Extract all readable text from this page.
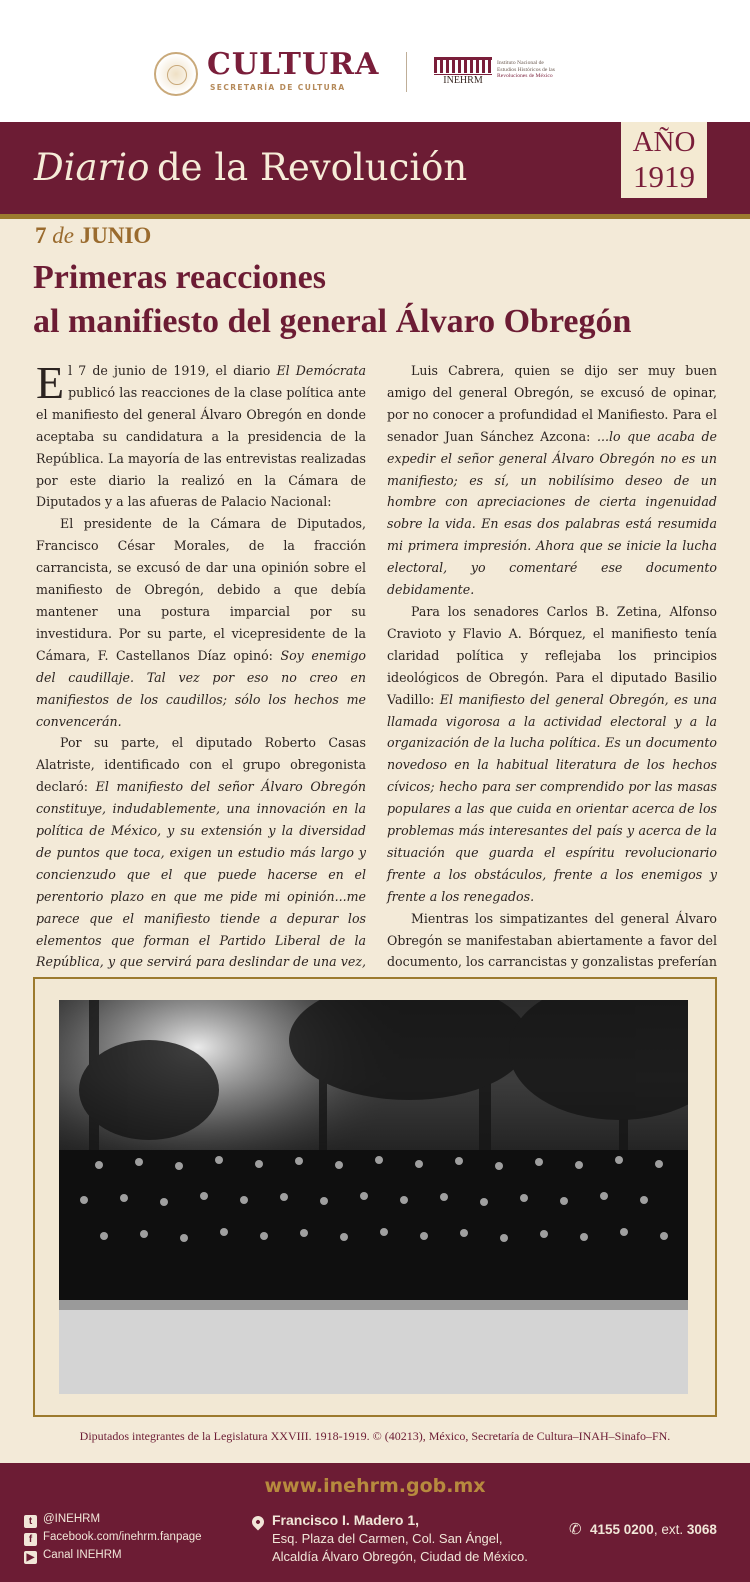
CULTURA
SECRETARÍA DE CULTURA
INEHRM
Instituto Nacional de
Estudios Históricos de las
Revoluciones de México
Diario de la Revolución
AÑO
1919
7 de JUNIO
Primeras reacciones
al manifiesto del general Álvaro Obregón

El 7 de junio de 1919, el diario El Demócrata publicó las reacciones de la clase política ante el manifiesto del general Álvaro Obregón en donde aceptaba su candidatura a la presidencia de la República. La mayoría de las entrevistas realizadas por este diario la realizó en la Cámara de Diputados y a las afueras de Palacio Nacional:

El presidente de la Cámara de Diputados, Francisco César Morales, de la fracción carrancista, se excusó de dar una opinión sobre el manifiesto de Obregón, debido a que debía mantener una postura imparcial por su investidura. Por su parte, el vicepresidente de la Cámara, F. Castellanos Díaz opinó: Soy enemigo del caudillaje. Tal vez por eso no creo en manifiestos de los caudillos; sólo los hechos me convencerán.

Por su parte, el diputado Roberto Casas Alatriste, identificado con el grupo obregonista declaró: El manifiesto del señor Álvaro Obregón constituye, indudablemente, una innovación en la política de México, y su extensión y la diversidad de puntos que toca, exigen un estudio más largo y concienzudo que el que puede hacerse en el perentorio plazo en que me pide mi opinión...me parece que el manifiesto tiende a depurar los elementos que forman el Partido Liberal de la República, y que servirá para deslindar de una vez,

Luis Cabrera, quien se dijo ser muy buen amigo del general Obregón, se excusó de opinar, por no conocer a profundidad el Manifiesto. Para el senador Juan Sánchez Azcona: ...lo que acaba de expedir el señor general Álvaro Obregón no es un manifiesto; es sí, un nobilísimo deseo de un hombre con apreciaciones de cierta ingenuidad sobre la vida. En esas dos palabras está resumida mi primera impresión. Ahora que se inicie la lucha electoral, yo comentaré ese documento debidamente.

Para los senadores Carlos B. Zetina, Alfonso Cravioto y Flavio A. Bórquez, el manifiesto tenía claridad política y reflejaba los principios ideológicos de Obregón. Para el diputado Basilio Vadillo: El manifiesto del general Obregón, es una llamada vigorosa a la actividad electoral y a la organización de la lucha política. Es un documento novedoso en la habitual literatura de los hechos cívicos; hecho para ser comprendido por las masas populares a las que cuida en orientar acerca de los problemas más interesantes del país y acerca de la situación que guarda el espíritu revolucionario frente a los obstáculos, frente a los enemigos y frente a los renegados.

Mientras los simpatizantes del general Álvaro Obregón se manifestaban abiertamente a favor del documento, los carrancistas y gonzalistas preferían

Diputados integrantes de la Legislatura XXVIII. 1918-1919. © (40213), México, Secretaría de Cultura–INAH–Sinafo–FN.
www.inehrm.gob.mx
t @INEHRM
f Facebook.com/inehrm.fanpage
▶ Canal INEHRM
Francisco I. Madero 1,
Esq. Plaza del Carmen, Col. San Ángel,
Alcaldía Álvaro Obregón, Ciudad de México.
✆ 4155 0200, ext. 3068
